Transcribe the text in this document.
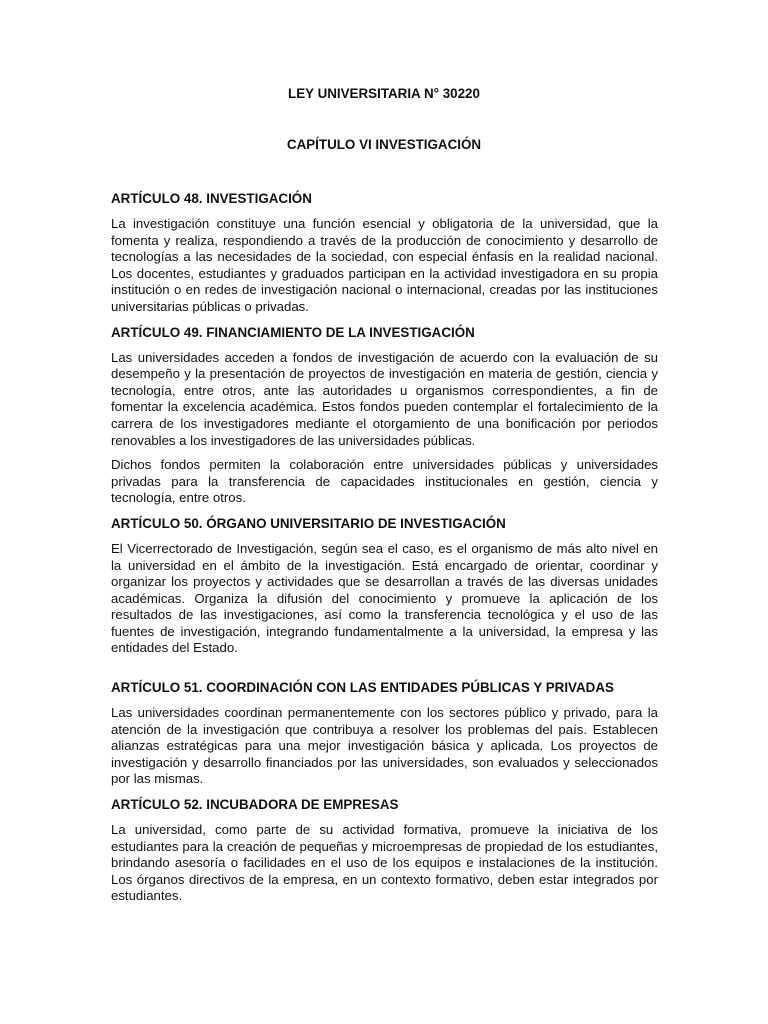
LEY UNIVERSITARIA N° 30220
CAPÍTULO VI INVESTIGACIÓN
ARTÍCULO 48. INVESTIGACIÓN

La investigación constituye una función esencial y obligatoria de la universidad, que la fomenta y realiza, respondiendo a través de la producción de conocimiento y desarrollo de tecnologías a las necesidades de la sociedad, con especial énfasis en la realidad nacional. Los docentes, estudiantes y graduados participan en la actividad investigadora en su propia institución o en redes de investigación nacional o internacional, creadas por las instituciones universitarias públicas o privadas.

ARTÍCULO 49. FINANCIAMIENTO DE LA INVESTIGACIÓN

Las universidades acceden a fondos de investigación de acuerdo con la evaluación de su desempeño y la presentación de proyectos de investigación en materia de gestión, ciencia y tecnología, entre otros, ante las autoridades u organismos correspondientes, a fin de fomentar la excelencia académica. Estos fondos pueden contemplar el fortalecimiento de la carrera de los investigadores mediante el otorgamiento de una bonificación por periodos renovables a los investigadores de las universidades públicas.

Dichos fondos permiten la colaboración entre universidades públicas y universidades privadas para la transferencia de capacidades institucionales en gestión, ciencia y tecnología, entre otros.

ARTÍCULO 50. ÓRGANO UNIVERSITARIO DE INVESTIGACIÓN

El Vicerrectorado de Investigación, según sea el caso, es el organismo de más alto nivel en la universidad en el ámbito de la investigación. Está encargado de orientar, coordinar y organizar los proyectos y actividades que se desarrollan a través de las diversas unidades académicas. Organiza la difusión del conocimiento y promueve la aplicación de los resultados de las investigaciones, así como la transferencia tecnológica y el uso de las fuentes de investigación, integrando fundamentalmente a la universidad, la empresa y las entidades del Estado.

ARTÍCULO 51. COORDINACIÓN CON LAS ENTIDADES PÚBLICAS Y PRIVADAS

Las universidades coordinan permanentemente con los sectores público y privado, para la atención de la investigación que contribuya a resolver los problemas del país. Establecen alianzas estratégicas para una mejor investigación básica y aplicada. Los proyectos de investigación y desarrollo financiados por las universidades, son evaluados y seleccionados por las mismas.

ARTÍCULO 52. INCUBADORA DE EMPRESAS

La universidad, como parte de su actividad formativa, promueve la iniciativa de los estudiantes para la creación de pequeñas y microempresas de propiedad de los estudiantes, brindando asesoría o facilidades en el uso de los equipos e instalaciones de la institución. Los órganos directivos de la empresa, en un contexto formativo, deben estar integrados por estudiantes.
